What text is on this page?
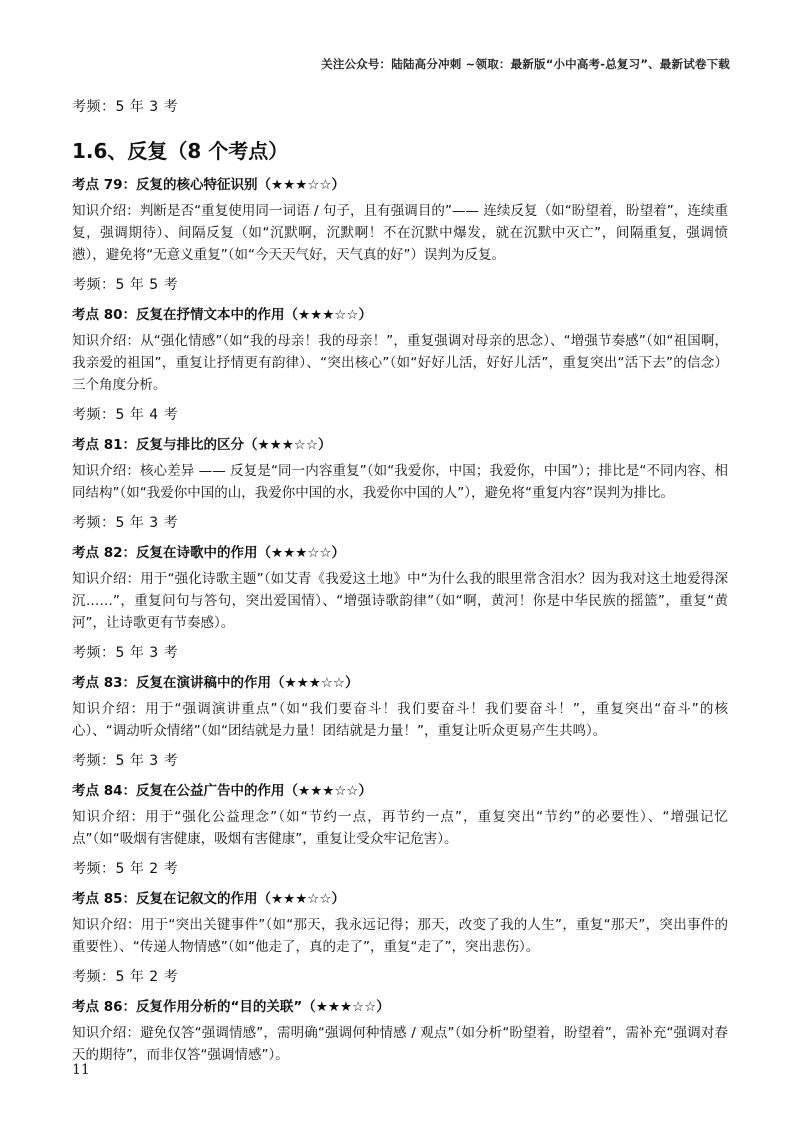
关注公众号：陆陆高分冲刺 ~领取：最新版“小中高考-总复习”、最新试卷下载

考频：5 年 3 考

1.6、反复（8 个考点）

考点 79：反复的核心特征识别（★★★☆☆）

知识介绍：判断是否“重复使用同一词语 / 句子，且有强调目的”—— 连续反复（如“盼望着，盼望着”，连续重复，强调期待）、间隔反复（如“沉默啊，沉默啊！不在沉默中爆发，就在沉默中灭亡”，间隔重复，强调愤懑），避免将“无意义重复”（如“今天天气好，天气真的好”）误判为反复。

考频：5 年 5 考

考点 80：反复在抒情文本中的作用（★★★☆☆）

知识介绍：从“强化情感”（如“我的母亲！我的母亲！”，重复强调对母亲的思念）、“增强节奏感”（如“祖国啊，我亲爱的祖国”，重复让抒情更有韵律）、“突出核心”（如“好好儿活，好好儿活”，重复突出“活下去”的信念）三个角度分析。

考频：5 年 4 考

考点 81：反复与排比的区分（★★★☆☆）

知识介绍：核心差异 —— 反复是“同一内容重复”（如“我爱你，中国；我爱你，中国”）；排比是“不同内容、相同结构”（如“我爱你中国的山，我爱你中国的水，我爱你中国的人”），避免将“重复内容”误判为排比。

考频：5 年 3 考

考点 82：反复在诗歌中的作用（★★★☆☆）

知识介绍：用于“强化诗歌主题”（如艾青《我爱这土地》中“为什么我的眼里常含泪水？因为我对这土地爱得深沉……”，重复问句与答句，突出爱国情）、“增强诗歌韵律”（如“啊，黄河！你是中华民族的摇篮”，重复“黄河”，让诗歌更有节奏感）。

考频：5 年 3 考

考点 83：反复在演讲稿中的作用（★★★☆☆）

知识介绍：用于“强调演讲重点”（如“我们要奋斗！我们要奋斗！我们要奋斗！”，重复突出“奋斗”的核心）、“调动听众情绪”（如“团结就是力量！团结就是力量！”，重复让听众更易产生共鸣）。

考频：5 年 3 考

考点 84：反复在公益广告中的作用（★★★☆☆）

知识介绍：用于“强化公益理念”（如“节约一点，再节约一点”，重复突出“节约”的必要性）、“增强记忆点”（如“吸烟有害健康，吸烟有害健康”，重复让受众牢记危害）。

考频：5 年 2 考

考点 85：反复在记叙文的作用（★★★☆☆）

知识介绍：用于“突出关键事件”（如“那天，我永远记得；那天，改变了我的人生”，重复“那天”，突出事件的重要性）、“传递人物情感”（如“他走了，真的走了”，重复“走了”，突出悲伤）。

考频：5 年 2 考

考点 86：反复作用分析的“目的关联”（★★★☆☆）

知识介绍：避免仅答“强调情感”，需明确“强调何种情感 / 观点”（如分析“盼望着，盼望着”，需补充“强调对春天的期待”，而非仅答“强调情感”）。

11
